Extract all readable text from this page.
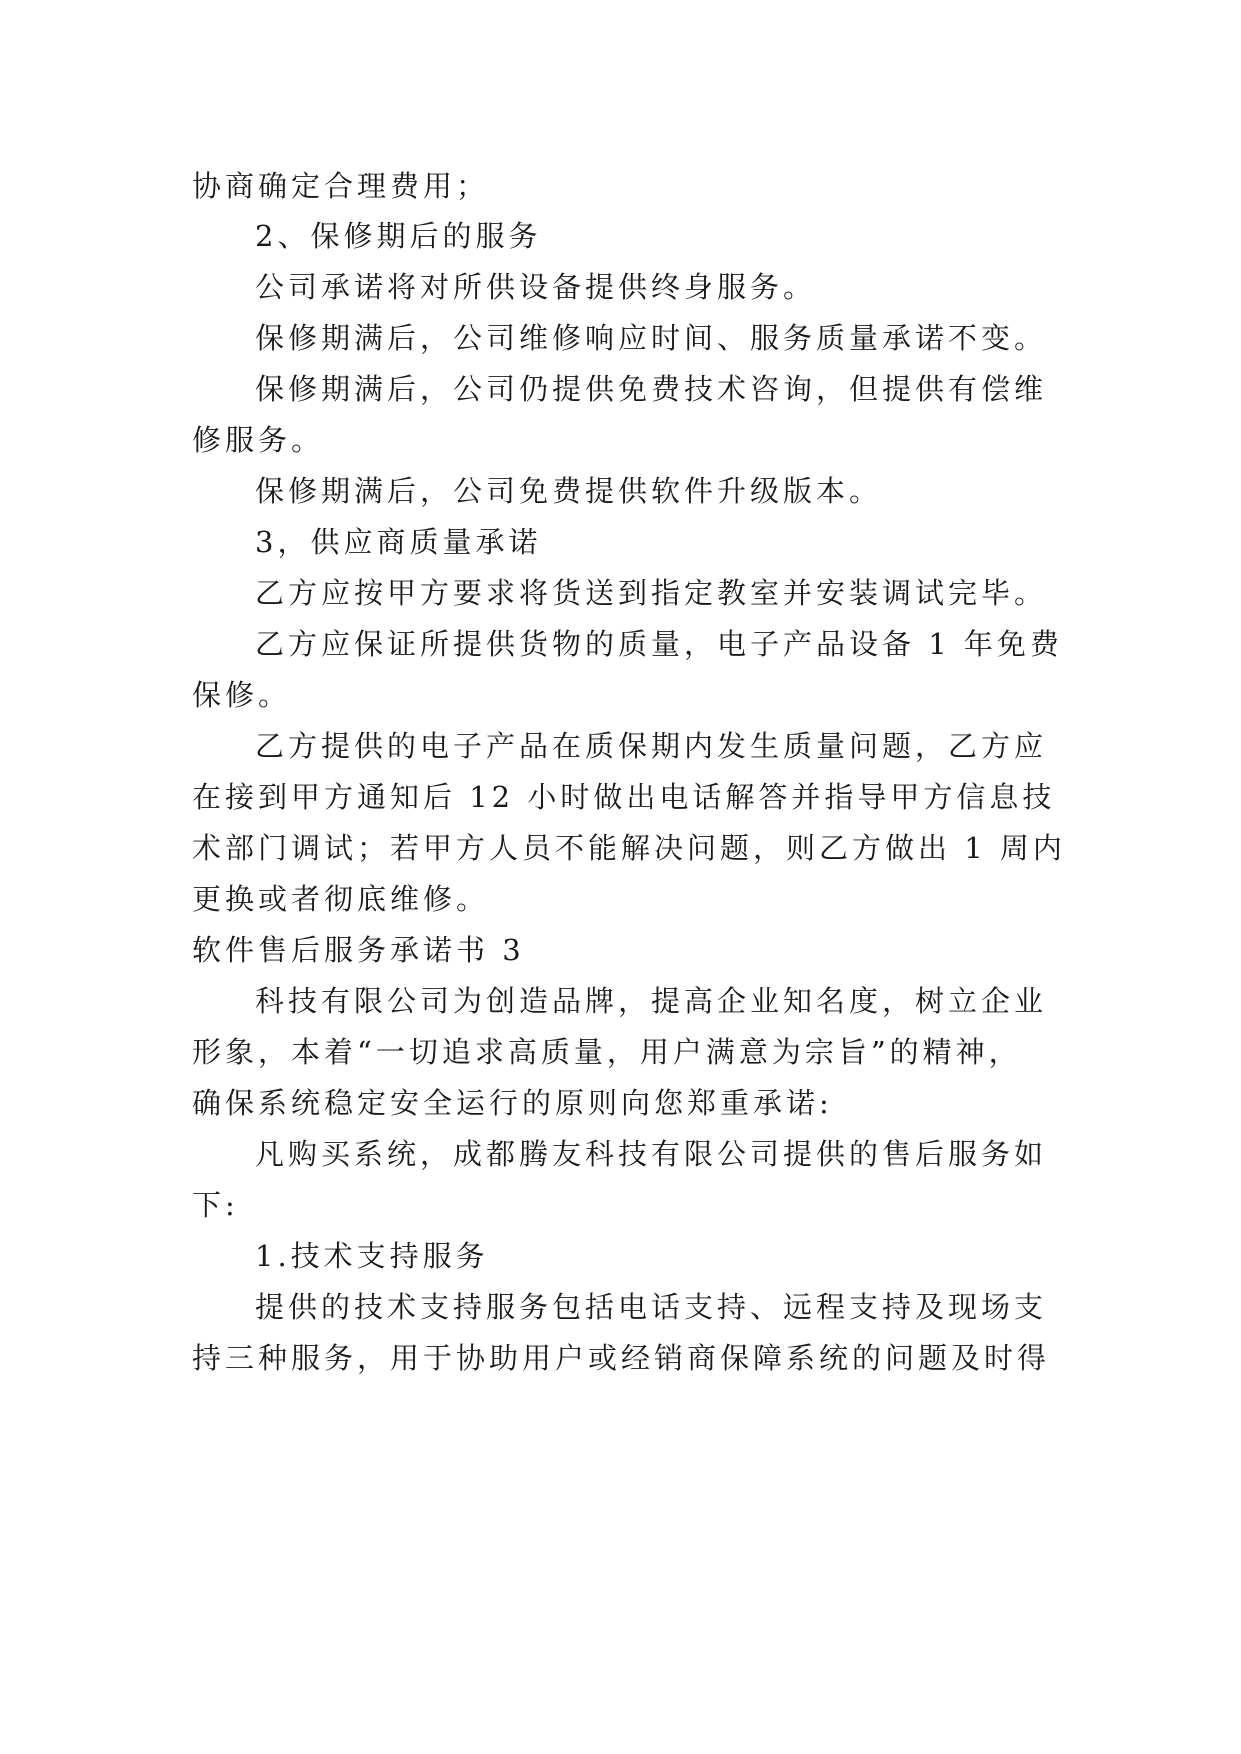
协商确定合理费用；
2、保修期后的服务
公司承诺将对所供设备提供终身服务。
保修期满后，公司维修响应时间、服务质量承诺不变。
保修期满后，公司仍提供免费技术咨询，但提供有偿维
修服务。
保修期满后，公司免费提供软件升级版本。
3，供应商质量承诺
乙方应按甲方要求将货送到指定教室并安装调试完毕。
乙方应保证所提供货物的质量，电子产品设备 1 年免费
保修。
乙方提供的电子产品在质保期内发生质量问题，乙方应
在接到甲方通知后 12 小时做出电话解答并指导甲方信息技
术部门调试；若甲方人员不能解决问题，则乙方做出 1 周内
更换或者彻底维修。
软件售后服务承诺书 3
科技有限公司为创造品牌，提高企业知名度，树立企业
形象，本着“一切追求高质量，用户满意为宗旨”的精神，
确保系统稳定安全运行的原则向您郑重承诺:
凡购买系统，成都腾友科技有限公司提供的售后服务如
下:
1.技术支持服务
提供的技术支持服务包括电话支持、远程支持及现场支
持三种服务，用于协助用户或经销商保障系统的问题及时得
